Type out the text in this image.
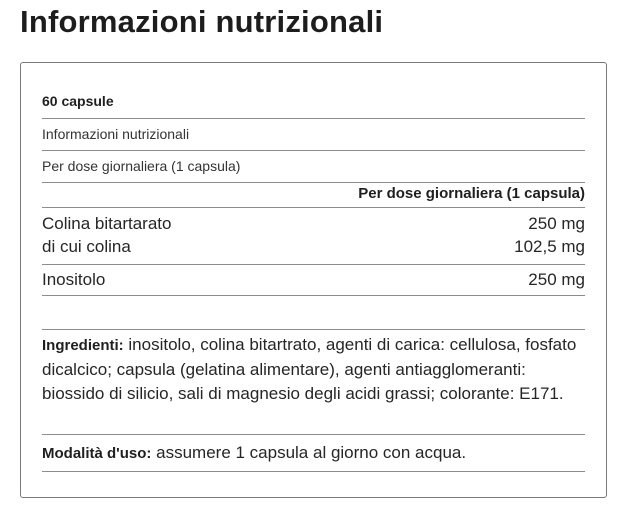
Informazioni nutrizionali
60 capsule
Informazioni nutrizionali
Per dose giornaliera (1 capsula)
Per dose giornaliera (1 capsula)
Colina bitartarato	250 mg
di cui colina	102,5 mg
Inositolo	250 mg
Ingredienti: inositolo, colina bitartrato, agenti di carica: cellulosa, fosfato dicalcico; capsula (gelatina alimentare), agenti antiagglomeranti: biossido di silicio, sali di magnesio degli acidi grassi; colorante: E171.
Modalità d'uso: assumere 1 capsula al giorno con acqua.
